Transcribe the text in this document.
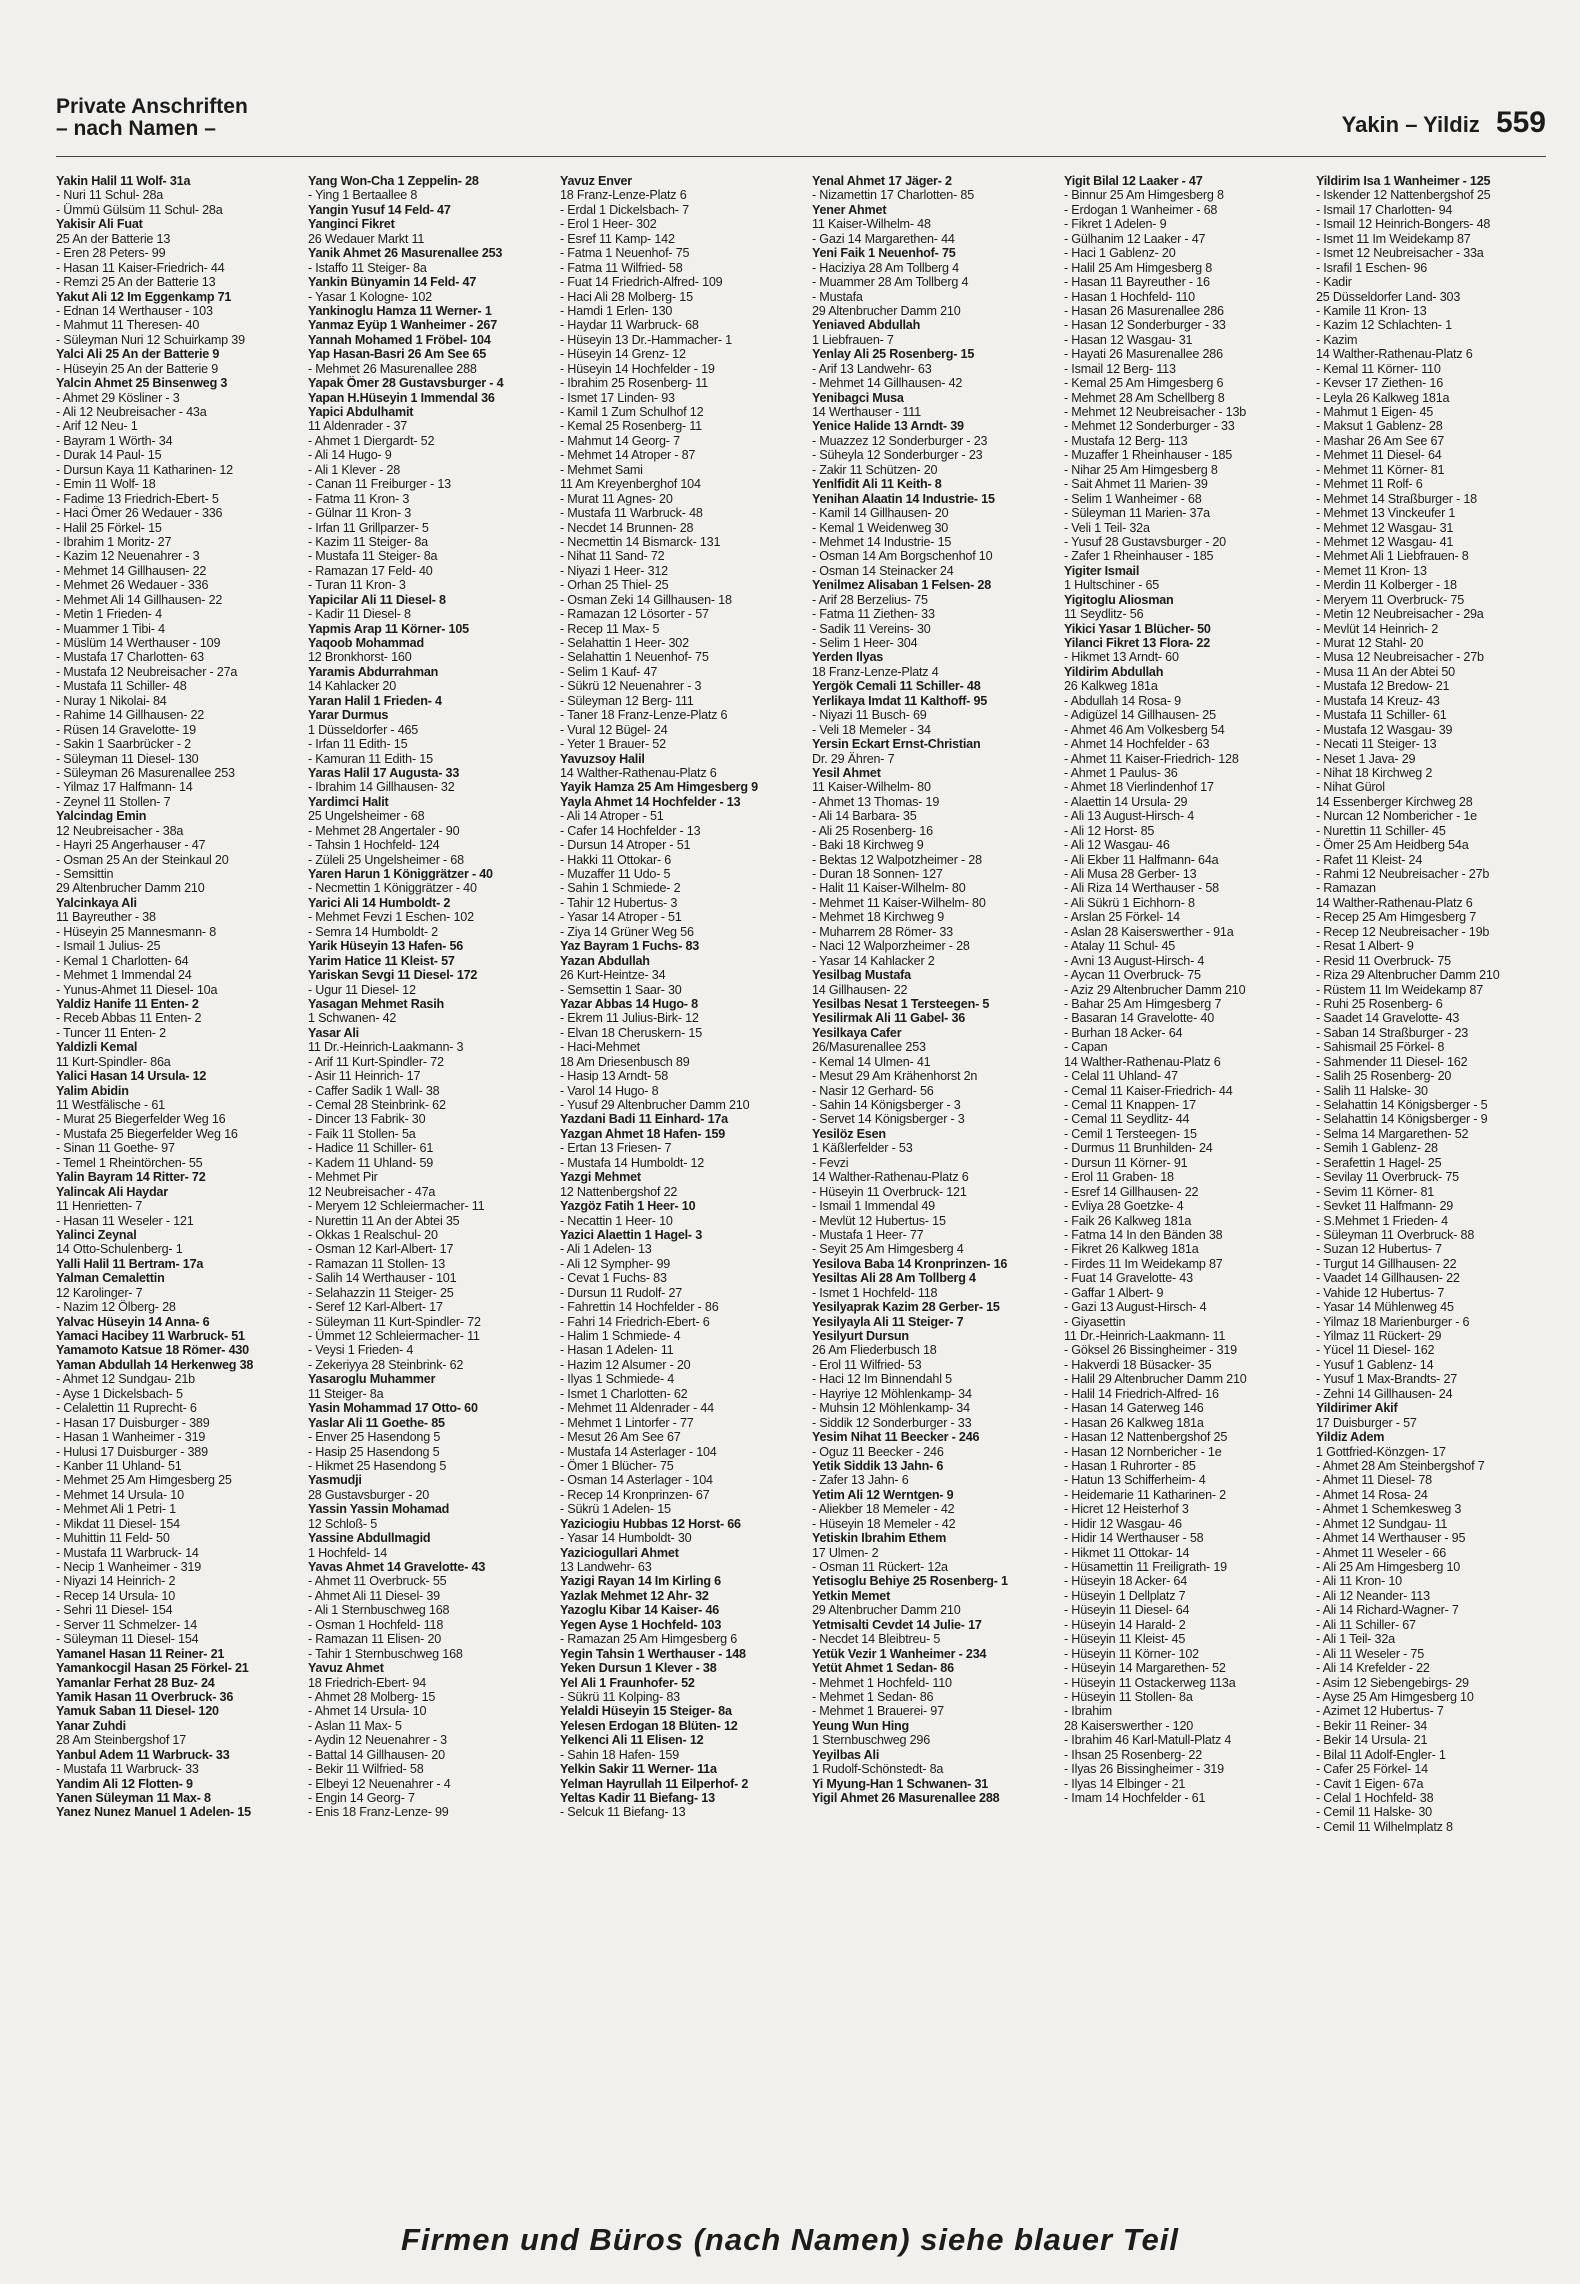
Private Anschriften
– nach Namen –	Yakin – Yildiz 559
Yakin Halil 11 Wolf- 31a
- Nuri 11 Schul- 28a
- Ümmü Gülsüm 11 Schul- 28a
Yakisir Ali Fuat
25 An der Batterie 13
- Eren 28 Peters- 99
- Hasan 11 Kaiser-Friedrich- 44
- Remzi 25 An der Batterie 13
Yakut Ali 12 Im Eggenkamp 71
- Ednan 14 Werthauser - 103
- Mahmut 11 Theresen- 40
- Süleyman Nuri 12 Schuirkamp 39
Yalci Ali 25 An der Batterie 9
- Hüseyin 25 An der Batterie 9
Yalcin Ahmet 25 Binsenweg 3
- Ahmet 29 Kösliner - 3
- Ali 12 Neubreisacher - 43a
- Arif 12 Neu- 1
- Bayram 1 Wörth- 34
- Durak 14 Paul- 15
- Dursun Kaya 11 Katharinen- 12
- Emin 11 Wolf- 18
- Fadime 13 Friedrich-Ebert- 5
- Haci Ömer 26 Wedauer - 336
- Halil 25 Förkel- 15
- Ibrahim 1 Moritz- 27
- Kazim 12 Neuenahrer - 3
- Mehmet 14 Gillhausen- 22
- Mehmet 26 Wedauer - 336
- Mehmet Ali 14 Gillhausen- 22
- Metin 1 Frieden- 4
- Muammer 1 Tibi- 4
- Müslüm 14 Werthauser - 109
- Mustafa 17 Charlotten- 63
- Mustafa 12 Neubreisacher - 27a
- Mustafa 11 Schiller- 48
- Nuray 1 Nikolai- 84
- Rahime 14 Gillhausen- 22
- Rüsen 14 Gravelotte- 19
- Sakin 1 Saarbrücker - 2
- Süleyman 11 Diesel- 130
- Süleyman 26 Masurenallee 253
- Yilmaz 17 Halfmann- 14
- Zeynel 11 Stollen- 7
Yalcindag Emin
12 Neubreisacher - 38a
- Hayri 25 Angerhauser - 47
- Osman 25 An der Steinkaul 20
- Semsittin
29 Altenbrucher Damm 210
Yalcinkaya Ali
11 Bayreuther - 38
- Hüseyin 25 Mannesmann- 8
- Ismail 1 Julius- 25
- Kemal 1 Charlotten- 64
- Mehmet 1 Immendal 24
- Yunus-Ahmet 11 Diesel- 10a
Yaldiz Hanife 11 Enten- 2
- Receb Abbas 11 Enten- 2
- Tuncer 11 Enten- 2
Yaldizli Kemal
11 Kurt-Spindler- 86a
Yalici Hasan 14 Ursula- 12
Yalim Abidin
11 Westfälische - 61
- Murat 25 Biegerfelder Weg 16
- Mustafa 25 Biegerfelder Weg 16
- Sinan 11 Goethe- 97
- Temel 1 Rheintörchen- 55
Yalin Bayram 14 Ritter- 72
Yalincak Ali Haydar
11 Henrietten- 7
- Hasan 11 Weseler - 121
Yalinci Zeynal
14 Otto-Schulenberg- 1
Yalli Halil 11 Bertram- 17a
Yalman Cemalettin
12 Karolinger- 7
- Nazim 12 Ölberg- 28
Yalvac Hüseyin 14 Anna- 6
Yamaci Hacibey 11 Warbruck- 51
Yamamoto Katsue 18 Römer- 430
Yaman Abdullah 14 Herkenweg 38
- Ahmet 12 Sundgau- 21b
- Ayse 1 Dickelsbach- 5
- Celalettin 11 Ruprecht- 6
- Hasan 17 Duisburger - 389
- Hasan 1 Wanheimer - 319
- Hulusi 17 Duisburger - 389
- Kanber 11 Uhland- 51
- Mehmet 25 Am Himgesberg 25
- Mehmet 14 Ursula- 10
- Mehmet Ali 1 Petri- 1
- Mikdat 11 Diesel- 154
- Muhittin 11 Feld- 50
- Mustafa 11 Warbruck- 14
- Necip 1 Wanheimer - 319
- Niyazi 14 Heinrich- 2
- Recep 14 Ursula- 10
- Sehri 11 Diesel- 154
- Server 11 Schmelzer- 14
- Süleyman 11 Diesel- 154
Yamanel Hasan 11 Reiner- 21
Yamankocgil Hasan 25 Förkel- 21
Yamanlar Ferhat 28 Buz- 24
Yamik Hasan 11 Overbruck- 36
Yamuk Saban 11 Diesel- 120
Yanar Zuhdi
28 Am Steinbergshof 17
Yanbul Adem 11 Warbruck- 33
- Mustafa 11 Warbruck- 33
Yandim Ali 12 Flotten- 9
Yanen Süleyman 11 Max- 8
Yanez Nunez Manuel 1 Adelen- 15
Yang Won-Cha 1 Zeppelin- 28
- Ying 1 Bertaallee 8
Yangin Yusuf 14 Feld- 47
Yanginci Fikret
26 Wedauer Markt 11
Yanik Ahmet 26 Masurenallee 253
- Istaffo 11 Steiger- 8a
Yankin Bünyamin 14 Feld- 47
- Yasar 1 Kologne- 102
Yankinoglu Hamza 11 Werner- 1
Yanmaz Eyüp 1 Wanheimer - 267
Yannah Mohamed 1 Fröbel- 104
Yap Hasan-Basri 26 Am See 65
- Mehmet 26 Masurenallee 288
Yapak Ömer 28 Gustavsburger - 4
Yapan H.Hüseyin 1 Immendal 36
Yapici Abdulhamit
11 Aldenrader - 37
- Ahmet 1 Diergardt- 52
- Ali 14 Hugo- 9
- Ali 1 Klever - 28
- Canan 11 Freiburger - 13
- Fatma 11 Kron- 3
- Gülnar 11 Kron- 3
- Irfan 11 Grillparzer- 5
- Kazim 11 Steiger- 8a
- Mustafa 11 Steiger- 8a
- Ramazan 17 Feld- 40
- Turan 11 Kron- 3
Yapicilar Ali 11 Diesel- 8
- Kadir 11 Diesel- 8
Yapmis Arap 11 Körner- 105
Yaqoob Mohammad
12 Bronkhorst- 160
Yaramis Abdurrahman
14 Kahlacker 20
Yaran Halil 1 Frieden- 4
Yarar Durmus
1 Düsseldorfer - 465
- Irfan 11 Edith- 15
- Kamuran 11 Edith- 15
Yaras Halil 17 Augusta- 33
- Ibrahim 14 Gillhausen- 32
Yardimci Halit
25 Ungelsheimer - 68
- Mehmet 28 Angertaler - 90
- Tahsin 1 Hochfeld- 124
- Züleli 25 Ungelsheimer - 68
Yaren Harun 1 Königgrätzer - 40
- Necmettin 1 Königgrätzer - 40
Yarici Ali 14 Humboldt- 2
- Mehmet Fevzi 1 Eschen- 102
- Semra 14 Humboldt- 2
Yarik Hüseyin 13 Hafen- 56
Yarim Hatice 11 Kleist- 57
Yariskan Sevgi 11 Diesel- 172
- Ugur 11 Diesel- 12
Yasagan Mehmet Rasih
1 Schwanen- 42
Yasar Ali
11 Dr.-Heinrich-Laakmann- 3
- Arif 11 Kurt-Spindler- 72
- Asir 11 Heinrich- 17
- Caffer Sadik 1 Wall- 38
- Cemal 28 Steinbrink- 62
- Dincer 13 Fabrik- 30
- Faik 11 Stollen- 5a
- Hadice 11 Schiller- 61
- Kadem 11 Uhland- 59
- Mehmet Pir
12 Neubreisacher - 47a
- Meryem 12 Schleiermacher- 11
- Nurettin 11 An der Abtei 35
- Okkas 1 Realschul- 20
- Osman 12 Karl-Albert- 17
- Ramazan 11 Stollen- 13
- Salih 14 Werthauser - 101
- Selahazzin 11 Steiger- 25
- Seref 12 Karl-Albert- 17
- Süleyman 11 Kurt-Spindler- 72
- Ümmet 12 Schleiermacher- 11
- Veysi 1 Frieden- 4
- Zekeriyya 28 Steinbrink- 62
Yasaroglu Muhammer
11 Steiger- 8a
Yasin Mohammad 17 Otto- 60
Yaslar Ali 11 Goethe- 85
- Enver 25 Hasendong 5
- Hasip 25 Hasendong 5
- Hikmet 25 Hasendong 5
Yasmudji
28 Gustavsburger - 20
Yassin Yassin Mohamad
12 Schloß- 5
Yassine Abdullmagid
1 Hochfeld- 14
Yavas Ahmet 14 Gravelotte- 43
- Ahmet 11 Overbruck- 55
- Ahmet Ali 11 Diesel- 39
- Ali 1 Sternbuschweg 168
- Osman 1 Hochfeld- 118
- Ramazan 11 Elisen- 20
- Tahir 1 Sternbuschweg 168
Yavuz Ahmet
18 Friedrich-Ebert- 94
- Ahmet 28 Molberg- 15
- Ahmet 14 Ursula- 10
- Aslan 11 Max- 5
- Aydin 12 Neuenahrer - 3
- Battal 14 Gillhausen- 20
- Bekir 11 Wilfried- 58
- Elbeyi 12 Neuenahrer - 4
- Engin 14 Georg- 7
- Enis 18 Franz-Lenze- 99
Yavuz Enver
18 Franz-Lenze-Platz 6
- Erdal 1 Dickelsbach- 7
- Erol 1 Heer- 302
- Esref 11 Kamp- 142
- Fatma 1 Neuenhof- 75
- Fatma 11 Wilfried- 58
- Fuat 14 Friedrich-Alfred- 109
- Haci Ali 28 Molberg- 15
- Hamdi 1 Erlen- 130
- Haydar 11 Warbruck- 68
- Hüseyin 13 Dr.-Hammacher- 1
- Hüseyin 14 Grenz- 12
- Hüseyin 14 Hochfelder - 19
- Ibrahim 25 Rosenberg- 11
- Ismet 17 Linden- 93
- Kamil 1 Zum Schulhof 12
- Kemal 25 Rosenberg- 11
- Mahmut 14 Georg- 7
- Mehmet 14 Atroper - 87
- Mehmet Sami
11 Am Kreyenberghof 104
- Murat 11 Agnes- 20
- Mustafa 11 Warbruck- 48
- Necdet 14 Brunnen- 28
- Necmettin 14 Bismarck- 131
- Nihat 11 Sand- 72
- Niyazi 1 Heer- 312
- Orhan 25 Thiel- 25
- Osman Zeki 14 Gillhausen- 18
- Ramazan 12 Lösorter - 57
- Recep 11 Max- 5
- Selahattin 1 Heer- 302
- Selahattin 1 Neuenhof- 75
- Selim 1 Kauf- 47
- Sükrü 12 Neuenahrer - 3
- Süleyman 12 Berg- 111
- Taner 18 Franz-Lenze-Platz 6
- Vural 12 Bügel- 24
- Yeter 1 Brauer- 52
Yavuzsoy Halil
14 Walther-Rathenau-Platz 6
Yayik Hamza 25 Am Himgesberg 9
Yayla Ahmet 14 Hochfelder - 13
- Ali 14 Atroper - 51
- Cafer 14 Hochfelder - 13
- Dursun 14 Atroper - 51
- Hakki 11 Ottokar- 6
- Muzaffer 11 Udo- 5
- Sahin 1 Schmiede- 2
- Tahir 12 Hubertus- 3
- Yasar 14 Atroper - 51
- Ziya 14 Grüner Weg 56
Yaz Bayram 1 Fuchs- 83
Yazan Abdullah
26 Kurt-Heintze- 34
- Semsettin 1 Saar- 30
Yazar Abbas 14 Hugo- 8
- Ekrem 11 Julius-Birk- 12
- Elvan 18 Cheruskern- 15
- Haci-Mehmet
18 Am Driesenbusch 89
- Hasip 13 Arndt- 58
- Varol 14 Hugo- 8
- Yusuf 29 Altenbrucher Damm 210
Yazdani Badi 11 Einhard- 17a
Yazgan Ahmet 18 Hafen- 159
- Ertan 13 Friesen- 7
- Mustafa 14 Humboldt- 12
Yazgi Mehmet
12 Nattenbergshof 22
Yazgöz Fatih 1 Heer- 10
- Necattin 1 Heer- 10
Yazici Alaettin 1 Hagel- 3
- Ali 1 Adelen- 13
- Ali 12 Sympher- 99
- Cevat 1 Fuchs- 83
- Dursun 11 Rudolf- 27
- Fahrettin 14 Hochfelder - 86
- Fahri 14 Friedrich-Ebert- 6
- Halim 1 Schmiede- 4
- Hasan 1 Adelen- 11
- Hazim 12 Alsumer - 20
- Ilyas 1 Schmiede- 4
- Ismet 1 Charlotten- 62
- Mehmet 11 Aldenrader - 44
- Mehmet 1 Lintorfer - 77
- Mesut 26 Am See 67
- Mustafa 14 Asterlager - 104
- Ömer 1 Blücher- 75
- Osman 14 Asterlager - 104
- Recep 14 Kronprinzen- 67
- Sükrü 1 Adelen- 15
Yaziciogiu Hubbas 12 Horst- 66
- Yasar 14 Humboldt- 30
Yaziciogullari Ahmet
13 Landwehr- 63
Yazigi Rayan 14 Im Kirling 6
Yazlak Mehmet 12 Ahr- 32
Yazoglu Kibar 14 Kaiser- 46
Yegen Ayse 1 Hochfeld- 103
- Ramazan 25 Am Himgesberg 6
Yegin Tahsin 1 Werthauser - 148
Yeken Dursun 1 Klever - 38
Yel Ali 1 Fraunhofer- 52
- Sükrü 11 Kolping- 83
Yelaldi Hüseyin 15 Steiger- 8a
Yelesen Erdogan 18 Blüten- 12
Yelkenci Ali 11 Elisen- 12
- Sahin 18 Hafen- 159
Yelkin Sakir 11 Werner- 11a
Yelman Hayrullah 11 Eilperhof- 2
Yeltas Kadir 11 Biefang- 13
- Selcuk 11 Biefang- 13
Yenal Ahmet 17 Jäger- 2
- Nizamettin 17 Charlotten- 85
Yener Ahmet
11 Kaiser-Wilhelm- 48
- Gazi 14 Margarethen- 44
Yeni Faik 1 Neuenhof- 75
- Haciziya 28 Am Tollberg 4
- Muammer 28 Am Tollberg 4
- Mustafa
29 Altenbrucher Damm 210
Yeniaved Abdullah
1 Liebfrauen- 7
Yenlay Ali 25 Rosenberg- 15
- Arif 13 Landwehr- 63
- Mehmet 14 Gillhausen- 42
Yenibagci Musa
14 Werthauser - 111
Yenice Halide 13 Arndt- 39
- Muazzez 12 Sonderburger - 23
- Süheyla 12 Sonderburger - 23
- Zakir 11 Schützen- 20
Yenlfidit Ali 11 Keith- 8
Yenihan Alaatin 14 Industrie- 15
- Kamil 14 Gillhausen- 20
- Kemal 1 Weidenweg 30
- Mehmet 14 Industrie- 15
- Osman 14 Am Borgschenhof 10
- Osman 14 Steinacker 24
Yenilmez Alisaban 1 Felsen- 28
- Arif 28 Berzelius- 75
- Fatma 11 Ziethen- 33
- Sadik 11 Vereins- 30
- Selim 1 Heer- 304
Yerden Ilyas
18 Franz-Lenze-Platz 4
Yergök Cemali 11 Schiller- 48
Yerlikaya Imdat 11 Kalthoff- 95
- Niyazi 11 Busch- 69
- Veli 18 Memeler - 34
Yersin Eckart Ernst-Christian
Dr. 29 Ähren- 7
Yesil Ahmet
11 Kaiser-Wilhelm- 80
- Ahmet 13 Thomas- 19
- Ali 14 Barbara- 35
- Ali 25 Rosenberg- 16
- Baki 18 Kirchweg 9
- Bektas 12 Walpotzheimer - 28
- Duran 18 Sonnen- 127
- Halit 11 Kaiser-Wilhelm- 80
- Mehmet 11 Kaiser-Wilhelm- 80
- Mehmet 18 Kirchweg 9
- Muharrem 28 Römer- 33
- Naci 12 Walporzheimer - 28
- Yasar 14 Kahlacker 2
Yesilbag Mustafa
14 Gillhausen- 22
Yesilbas Nesat 1 Tersteegen- 5
Yesilirmak Ali 11 Gabel- 36
Yesilkaya Cafer
26/Masurenallee 253
- Kemal 14 Ulmen- 41
- Mesut 29 Am Krähenhorst 2n
- Nasir 12 Gerhard- 56
- Sahin 14 Königsberger - 3
- Servet 14 Königsberger - 3
Yesilöz Esen
1 Käßlerfelder - 53
- Fevzi
14 Walther-Rathenau-Platz 6
- Hüseyin 11 Overbruck- 121
- Ismail 1 Immendal 49
- Mevlüt 12 Hubertus- 15
- Mustafa 1 Heer- 77
- Seyit 25 Am Himgesberg 4
Yesilova Baba 14 Kronprinzen- 16
Yesiltas Ali 28 Am Tollberg 4
- Ismet 1 Hochfeld- 118
Yesilyaprak Kazim 28 Gerber- 15
Yesilyayla Ali 11 Steiger- 7
Yesilyurt Dursun
26 Am Fliederbusch 18
- Erol 11 Wilfried- 53
- Haci 12 Im Binnendahl 5
- Hayriye 12 Möhlenkamp- 34
- Muhsin 12 Möhlenkamp- 34
- Siddik 12 Sonderburger - 33
Yesim Nihat 11 Beecker - 246
- Oguz 11 Beecker - 246
Yetik Siddik 13 Jahn- 6
- Zafer 13 Jahn- 6
Yetim Ali 12 Werntgen- 9
- Aliekber 18 Memeler - 42
- Hüseyin 18 Memeler - 42
Yetiskin Ibrahim Ethem
17 Ulmen- 2
- Osman 11 Rückert- 12a
Yetisoglu Behiye 25 Rosenberg- 1
Yetkin Memet
29 Altenbrucher Damm 210
Yetmisalti Cevdet 14 Julie- 17
- Necdet 14 Bleibtreu- 5
Yetük Vezir 1 Wanheimer - 234
Yetüt Ahmet 1 Sedan- 86
- Mehmet 1 Hochfeld- 110
- Mehmet 1 Sedan- 86
- Mehmet 1 Brauerei- 97
Yeung Wun Hing
1 Sternbuschweg 296
Yeyilbas Ali
1 Rudolf-Schönstedt- 8a
Yi Myung-Han 1 Schwanen- 31
Yigil Ahmet 26 Masurenallee 288
Yigit Bilal 12 Laaker - 47
- Binnur 25 Am Himgesberg 8
- Erdogan 1 Wanheimer - 68
- Fikret 1 Adelen- 9
- Gülhanim 12 Laaker - 47
- Haci 1 Gablenz- 20
- Halil 25 Am Himgesberg 8
- Hasan 11 Bayreuther - 16
- Hasan 1 Hochfeld- 110
- Hasan 26 Masurenallee 286
- Hasan 12 Sonderburger - 33
- Hasan 12 Wasgau- 31
- Hayati 26 Masurenallee 286
- Ismail 12 Berg- 113
- Kemal 25 Am Himgesberg 6
- Mehmet 28 Am Schellberg 8
- Mehmet 12 Neubreisacher - 13b
- Mehmet 12 Sonderburger - 33
- Mustafa 12 Berg- 113
- Muzaffer 1 Rheinhauser - 185
- Nihar 25 Am Himgesberg 8
- Sait Ahmet 11 Marien- 39
- Selim 1 Wanheimer - 68
- Süleyman 11 Marien- 37a
- Veli 1 Teil- 32a
- Yusuf 28 Gustavsburger - 20
- Zafer 1 Rheinhauser - 185
Yigiter Ismail
1 Hultschiner - 65
Yigitoglu Aliosman
11 Seydlitz- 56
Yikici Yasar 1 Blücher- 50
Yilanci Fikret 13 Flora- 22
- Hikmet 13 Arndt- 60
Yildirim Abdullah
26 Kalkweg 181a
- Abdullah 14 Rosa- 9
- Adigüzel 14 Gillhausen- 25
- Ahmet 46 Am Volkesberg 54
- Ahmet 14 Hochfelder - 63
- Ahmet 11 Kaiser-Friedrich- 128
- Ahmet 1 Paulus- 36
- Ahmet 18 Vierlindenhof 17
- Alaettin 14 Ursula- 29
- Ali 13 August-Hirsch- 4
- Ali 12 Horst- 85
- Ali 12 Wasgau- 46
- Ali Ekber 11 Halfmann- 64a
- Ali Musa 28 Gerber- 13
- Ali Riza 14 Werthauser - 58
- Ali Sükrü 1 Eichhorn- 8
- Arslan 25 Förkel- 14
- Aslan 28 Kaiserswerther - 91a
- Atalay 11 Schul- 45
- Avni 13 August-Hirsch- 4
- Aycan 11 Overbruck- 75
- Aziz 29 Altenbrucher Damm 210
- Bahar 25 Am Himgesberg 7
- Basaran 14 Gravelotte- 40
- Burhan 18 Acker- 64
- Capan
14 Walther-Rathenau-Platz 6
- Celal 11 Uhland- 47
- Cemal 11 Kaiser-Friedrich- 44
- Cemal 11 Knappen- 17
- Cemal 11 Seydlitz- 44
- Cemil 1 Tersteegen- 15
- Durmus 11 Brunhilden- 24
- Dursun 11 Körner- 91
- Erol 11 Graben- 18
- Esref 14 Gillhausen- 22
- Evliya 28 Goetzke- 4
- Faik 26 Kalkweg 181a
- Fatma 14 In den Bänden 38
- Fikret 26 Kalkweg 181a
- Firdes 11 Im Weidekamp 87
- Fuat 14 Gravelotte- 43
- Gaffar 1 Albert- 9
- Gazi 13 August-Hirsch- 4
- Giyasettin
11 Dr.-Heinrich-Laakmann- 11
- Göksel 26 Bissingheimer - 319
- Hakverdi 18 Büsacker- 35
- Halil 29 Altenbrucher Damm 210
- Halil 14 Friedrich-Alfred- 16
- Hasan 14 Gaterweg 146
- Hasan 26 Kalkweg 181a
- Hasan 12 Nattenbergshof 25
- Hasan 12 Nornbericher - 1e
- Hasan 1 Ruhrorter - 85
- Hatun 13 Schifferheim- 4
- Heidemarie 11 Katharinen- 2
- Hicret 12 Heisterhof 3
- Hidir 12 Wasgau- 46
- Hidir 14 Werthauser - 58
- Hikmet 11 Ottokar- 14
- Hüsamettin 11 Freiligrath- 19
- Hüseyin 18 Acker- 64
- Hüseyin 1 Dellplatz 7
- Hüseyin 11 Diesel- 64
- Hüseyin 14 Harald- 2
- Hüseyin 11 Kleist- 45
- Hüseyin 11 Körner- 102
- Hüseyin 14 Margarethen- 52
- Hüseyin 11 Ostackerweg 113a
- Hüseyin 11 Stollen- 8a
- Ibrahim
28 Kaiserswerther - 120
- Ibrahim 46 Karl-Matull-Platz 4
- Ihsan 25 Rosenberg- 22
- Ilyas 26 Bissingheimer - 319
- Ilyas 14 Elbinger - 21
- Imam 14 Hochfelder - 61
Yildirim Isa 1 Wanheimer - 125
- Iskender 12 Nattenbergshof 25
- Ismail 17 Charlotten- 94
- Ismail 12 Heinrich-Bongers- 48
- Ismet 11 Im Weidekamp 87
- Ismet 12 Neubreisacher - 33a
- Israfil 1 Eschen- 96
- Kadir
25 Düsseldorfer Land- 303
- Kamile 11 Kron- 13
- Kazim 12 Schlachten- 1
- Kazim
14 Walther-Rathenau-Platz 6
- Kemal 11 Körner- 110
- Kevser 17 Ziethen- 16
- Leyla 26 Kalkweg 181a
- Mahmut 1 Eigen- 45
- Maksut 1 Gablenz- 28
- Mashar 26 Am See 67
- Mehmet 11 Diesel- 64
- Mehmet 11 Körner- 81
- Mehmet 11 Rolf- 6
- Mehmet 14 Straßburger - 18
- Mehmet 13 Vinckeufer 1
- Mehmet 12 Wasgau- 31
- Mehmet 12 Wasgau- 41
- Mehmet Ali 1 Liebfrauen- 8
- Memet 11 Kron- 13
- Merdin 11 Kolberger - 18
- Meryem 11 Overbruck- 75
- Metin 12 Neubreisacher - 29a
- Mevlüt 14 Heinrich- 2
- Murat 12 Stahl- 20
- Musa 12 Neubreisacher - 27b
- Musa 11 An der Abtei 50
- Mustafa 12 Bredow- 21
- Mustafa 14 Kreuz- 43
- Mustafa 11 Schiller- 61
- Mustafa 12 Wasgau- 39
- Necati 11 Steiger- 13
- Neset 1 Java- 29
- Nihat 18 Kirchweg 2
- Nihat Gürol
14 Essenberger Kirchweg 28
- Nurcan 12 Nombericher - 1e
- Nurettin 11 Schiller- 45
- Ömer 25 Am Heidberg 54a
- Rafet 11 Kleist- 24
- Rahmi 12 Neubreisacher - 27b
- Ramazan
14 Walther-Rathenau-Platz 6
- Recep 25 Am Himgesberg 7
- Recep 12 Neubreisacher - 19b
- Resat 1 Albert- 9
- Resid 11 Overbruck- 75
- Riza 29 Altenbrucher Damm 210
- Rüstem 11 Im Weidekamp 87
- Ruhi 25 Rosenberg- 6
- Saadet 14 Gravelotte- 43
- Saban 14 Straßburger - 23
- Sahismail 25 Förkel- 8
- Sahmender 11 Diesel- 162
- Salih 25 Rosenberg- 20
- Salih 11 Halske- 30
- Selahattin 14 Königsberger - 5
- Selahattin 14 Königsberger - 9
- Selma 14 Margarethen- 52
- Semih 1 Gablenz- 28
- Serafettin 1 Hagel- 25
- Sevilay 11 Overbruck- 75
- Sevim 11 Körner- 81
- Sevket 11 Halfmann- 29
- S.Mehmet 1 Frieden- 4
- Süleyman 11 Overbruck- 88
- Suzan 12 Hubertus- 7
- Turgut 14 Gillhausen- 22
- Vaadet 14 Gillhausen- 22
- Vahide 12 Hubertus- 7
- Yasar 14 Mühlenweg 45
- Yilmaz 18 Marienburger - 6
- Yilmaz 11 Rückert- 29
- Yücel 11 Diesel- 162
- Yusuf 1 Gablenz- 14
- Yusuf 1 Max-Brandts- 27
- Zehni 14 Gillhausen- 24
Yildirimer Akif
17 Duisburger - 57
Yildiz Adem
1 Gottfried-Könzgen- 17
- Ahmet 28 Am Steinbergshof 7
- Ahmet 11 Diesel- 78
- Ahmet 14 Rosa- 24
- Ahmet 1 Schemkesweg 3
- Ahmet 12 Sundgau- 11
- Ahmet 14 Werthauser - 95
- Ahmet 11 Weseler - 66
- Ali 25 Am Himgesberg 10
- Ali 11 Kron- 10
- Ali 12 Neander- 113
- Ali 14 Richard-Wagner- 7
- Ali 11 Schiller- 67
- Ali 1 Teil- 32a
- Ali 11 Weseler - 75
- Ali 14 Krefelder - 22
- Asim 12 Siebengebirgs- 29
- Ayse 25 Am Himgesberg 10
- Azimet 12 Hubertus- 7
- Bekir 11 Reiner- 34
- Bekir 14 Ursula- 21
- Bilal 11 Adolf-Engler- 1
- Cafer 25 Förkel- 14
- Cavit 1 Eigen- 67a
- Celal 1 Hochfeld- 38
- Cemil 11 Halske- 30
- Cemil 11 Wilhelmplatz 8
Firmen und Büros (nach Namen) siehe blauer Teil
